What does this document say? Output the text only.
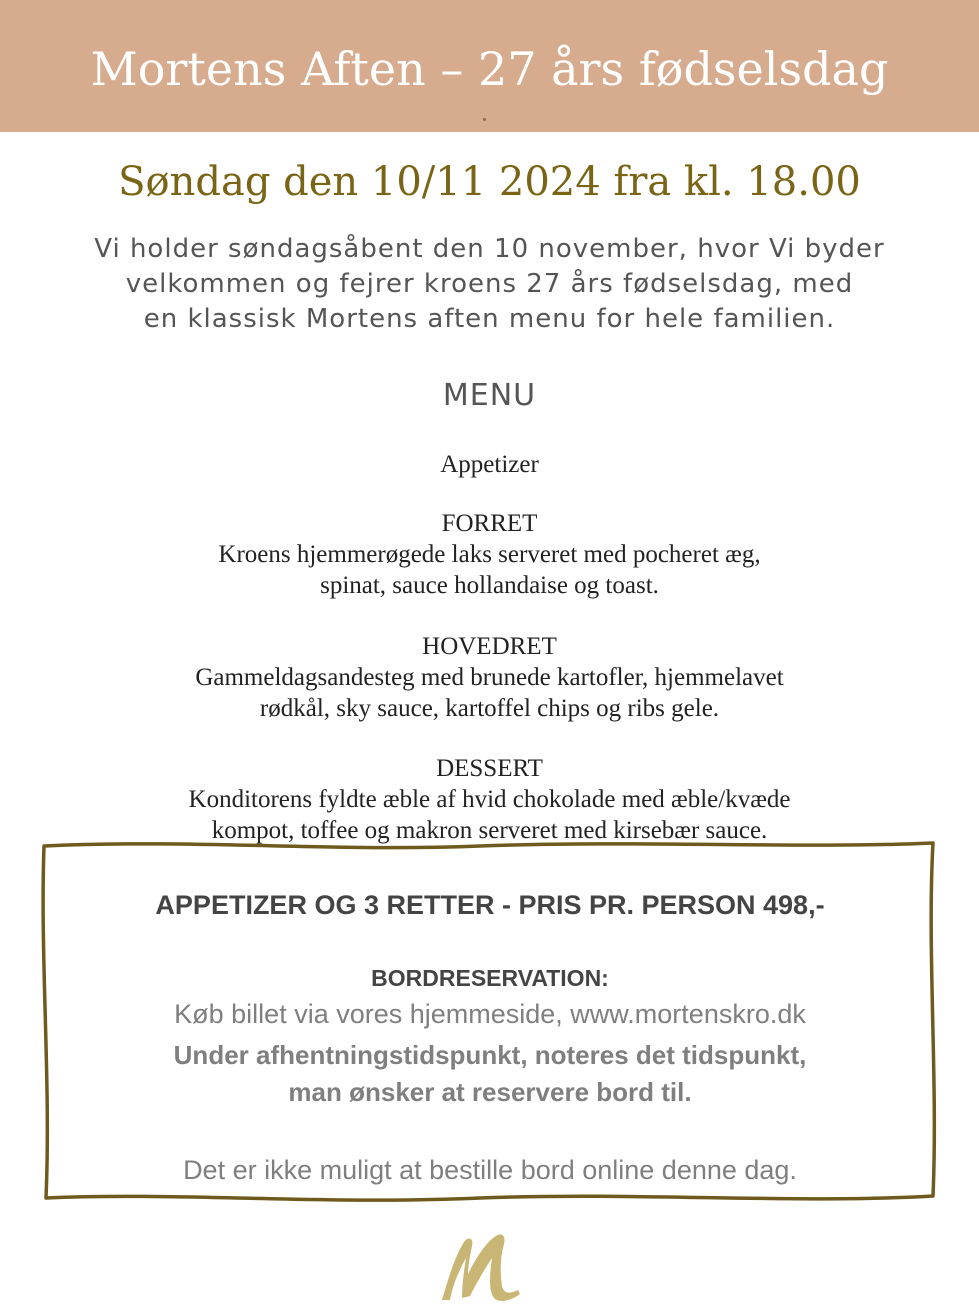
Mortens Aften – 27 års fødselsdag
Søndag den 10/11 2024 fra kl. 18.00
Vi holder søndagsåbent den 10 november, hvor Vi byder
velkommen og fejrer kroens 27 års fødselsdag, med
en klassisk Mortens aften menu for hele familien.
MENU
Appetizer
FORRET
Kroens hjemmerøgede laks serveret med pocheret æg,
spinat, sauce hollandaise og toast.
HOVEDRET
Gammeldagsandesteg med brunede kartofler, hjemmelavet
rødkål, sky sauce, kartoffel chips og ribs gele.
DESSERT
Konditorens fyldte æble af hvid chokolade med æble/kvæde
kompot, toffee og makron serveret med kirsebær sauce.
APPETIZER OG 3 RETTER - PRIS PR. PERSON 498,-
BORDRESERVATION:
Køb billet via vores hjemmeside, www.mortenskro.dk
Under afhentningstidspunkt, noteres det tidspunkt,
man ønsker at reservere bord til.
Det er ikke muligt at bestille bord online denne dag.
